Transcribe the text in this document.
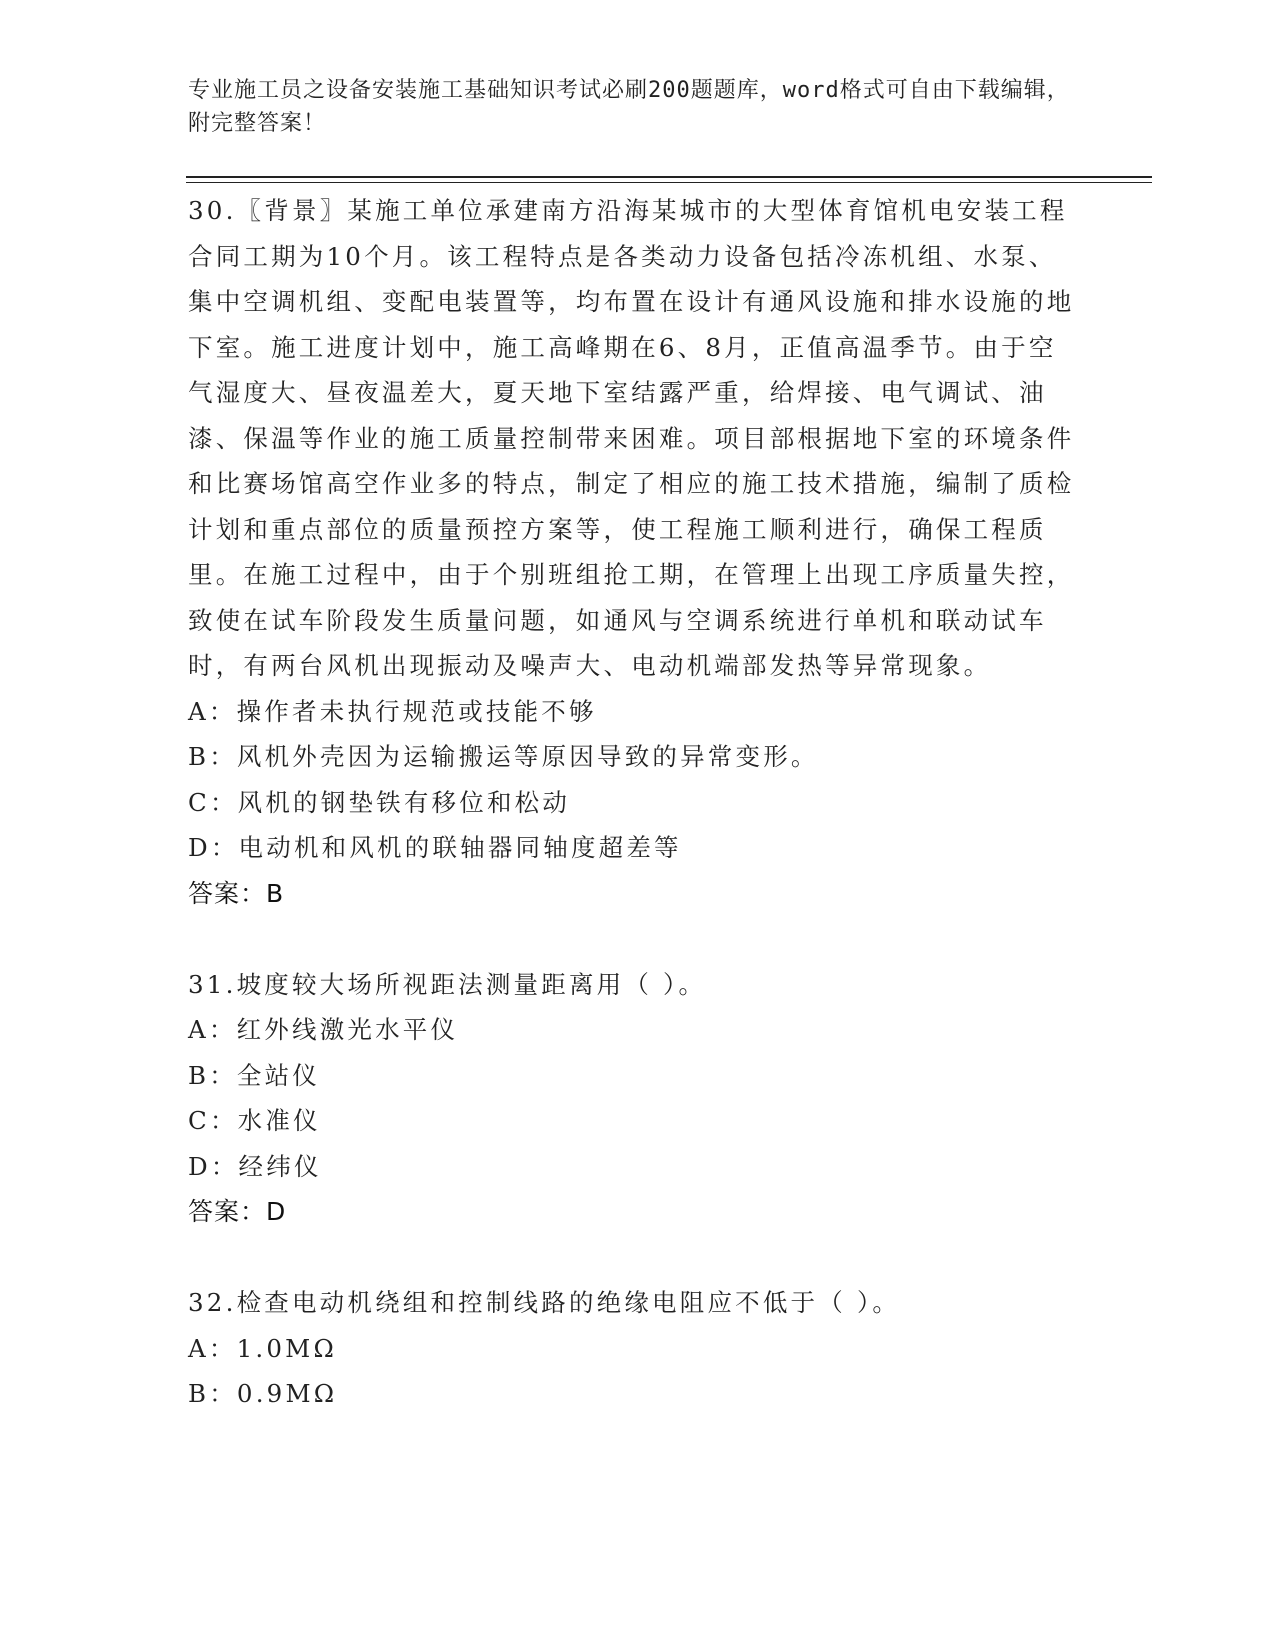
专业施工员之设备安装施工基础知识考试必刷200题题库，word格式可自由下载编辑，附完整答案！

30.〖背景〗某施工单位承建南方沿海某城市的大型体育馆机电安装工程合同工期为10个月。该工程特点是各类动力设备包括冷冻机组、水泵、集中空调机组、变配电装置等，均布置在设计有通风设施和排水设施的地下室。施工进度计划中，施工高峰期在6、8月，正值高温季节。由于空气湿度大、昼夜温差大，夏天地下室结露严重，给焊接、电气调试、油漆、保温等作业的施工质量控制带来困难。项目部根据地下室的环境条件和比赛场馆高空作业多的特点，制定了相应的施工技术措施，编制了质检计划和重点部位的质量预控方案等，使工程施工顺利进行，确保工程质里。在施工过程中，由于个别班组抢工期，在管理上出现工序质量失控，致使在试车阶段发生质量问题，如通风与空调系统进行单机和联动试车时，有两台风机出现振动及噪声大、电动机端部发热等异常现象。

A：操作者未执行规范或技能不够

B：风机外壳因为运输搬运等原因导致的异常变形。

C：风机的钢垫铁有移位和松动

D：电动机和风机的联轴器同轴度超差等

答案：B

31.坡度较大场所视距法测量距离用（ ）。

A：红外线激光水平仪

B：全站仪

C：水准仪

D：经纬仪

答案：D

32.检查电动机绕组和控制线路的绝缘电阻应不低于（ ）。

A：1.0MΩ

B：0.9MΩ
